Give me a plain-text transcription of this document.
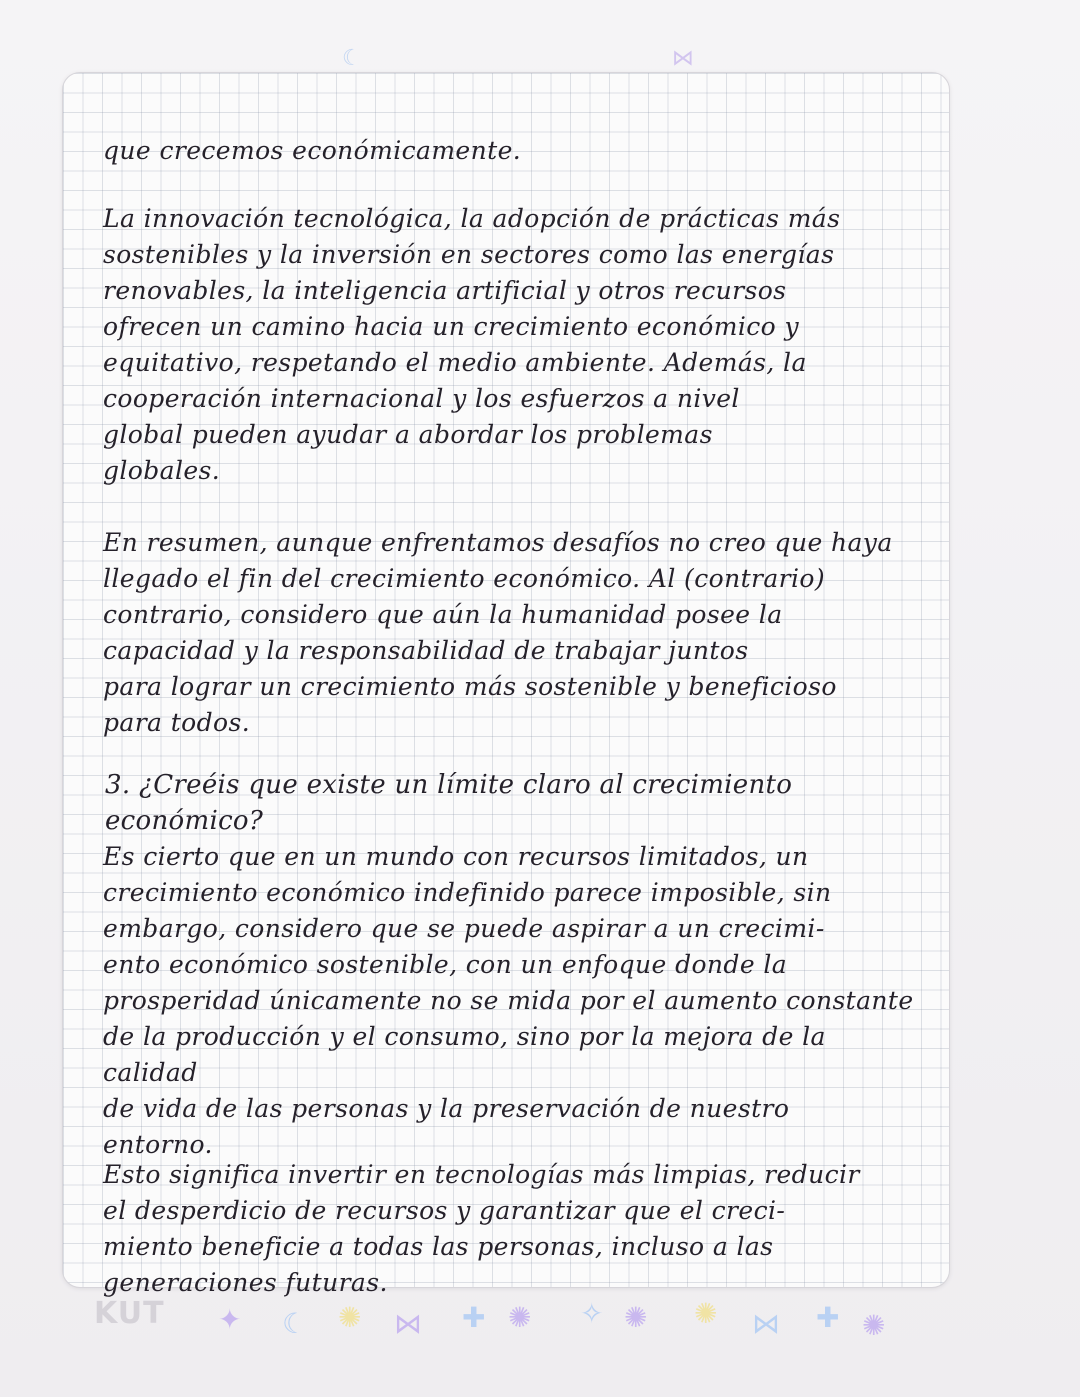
☾	⋈
que crecemos económicamente.
La innovación tecnológica, la adopción de prácticas más
sostenibles y la inversión en sectores como las energías
renovables, la inteligencia artificial y otros recursos
ofrecen un camino hacia un crecimiento económico y
equitativo, respetando el medio ambiente. Además, la
cooperación internacional y los esfuerzos a nivel
global pueden ayudar a abordar los problemas
globales.
En resumen, aunque enfrentamos desafíos no creo que haya
llegado el fin del crecimiento económico. Al (contrario)
contrario, considero que aún la humanidad posee la
capacidad y la responsabilidad de trabajar juntos
para lograr un crecimiento más sostenible y beneficioso
para todos.
3. ¿Creéis que existe un límite claro al crecimiento económico?
Es cierto que en un mundo con recursos limitados, un
crecimiento económico indefinido parece imposible, sin
embargo, considero que se puede aspirar a un crecimi-
ento económico sostenible, con un enfoque donde la
prosperidad únicamente no se mida por el aumento constante
de la producción y el consumo, sino por la mejora de la calidad
de vida de las personas y la preservación de nuestro
entorno.
Esto significa invertir en tecnologías más limpias, reducir
el desperdicio de recursos y garantizar que el creci-
miento beneficie a todas las personas, incluso a las
generaciones futuras.
KUT ✦ ☾ ✺ ⋈ ✚ ✺ ✧ ✺ ✺ ⋈ ✚ ✺
